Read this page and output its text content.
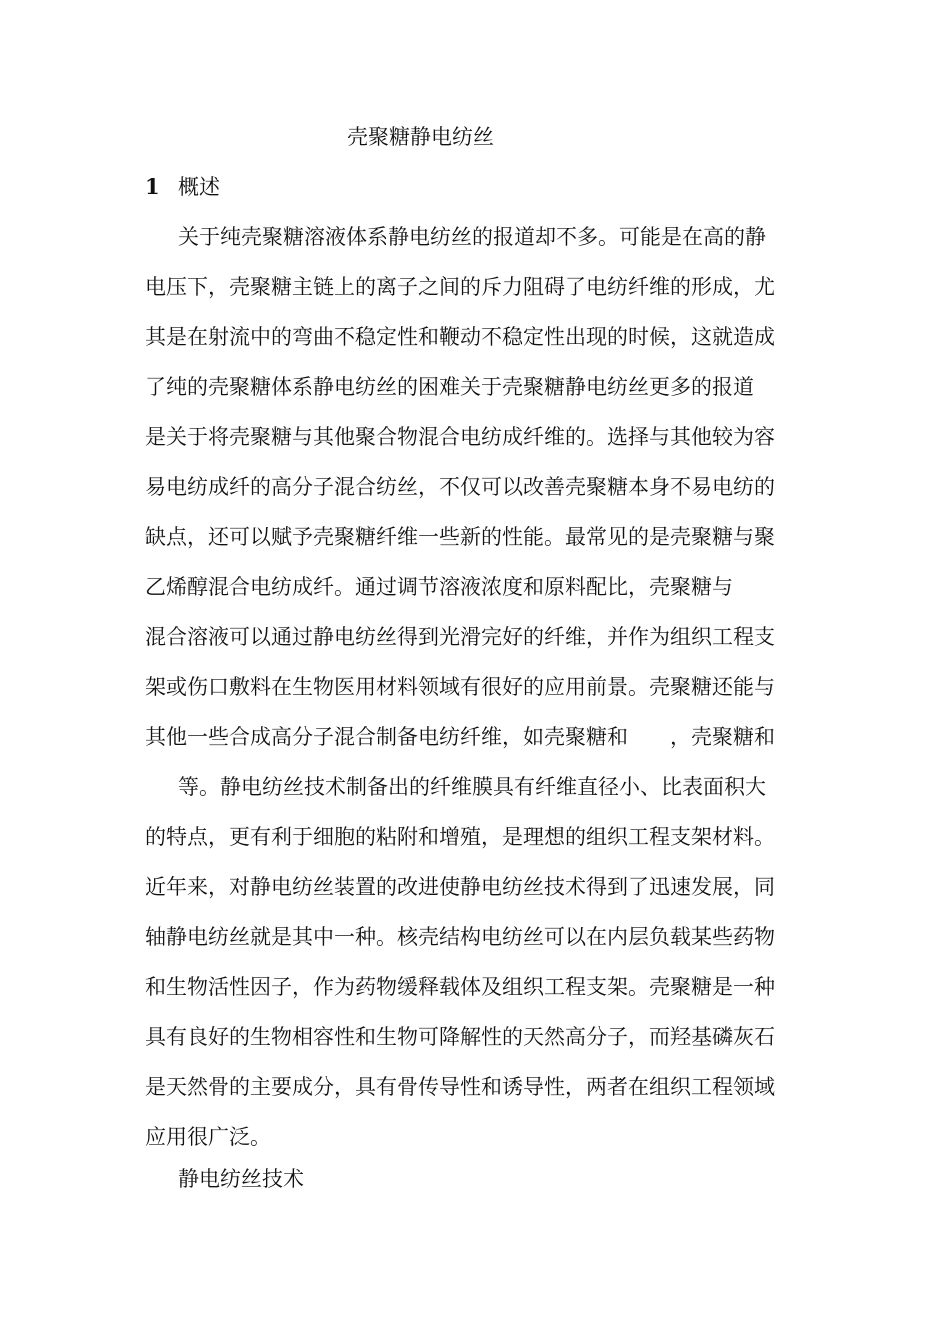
壳聚糖静电纺丝
1 概述

关于纯壳聚糖溶液体系静电纺丝的报道却不多。可能是在高的静

电压下，壳聚糖主链上的离子之间的斥力阻碍了电纺纤维的形成，尤

其是在射流中的弯曲不稳定性和鞭动不稳定性出现的时候，这就造成

了纯的壳聚糖体系静电纺丝的困难关于壳聚糖静电纺丝更多的报道

是关于将壳聚糖与其他聚合物混合电纺成纤维的。选择与其他较为容

易电纺成纤的高分子混合纺丝，不仅可以改善壳聚糖本身不易电纺的

缺点，还可以赋予壳聚糖纤维一些新的性能。最常见的是壳聚糖与聚

乙烯醇混合电纺成纤。通过调节溶液浓度和原料配比，壳聚糖与

混合溶液可以通过静电纺丝得到光滑完好的纤维，并作为组织工程支

架或伤口敷料在生物医用材料领域有很好的应用前景。壳聚糖还能与

其他一些合成高分子混合制备电纺纤维，如壳聚糖和　　，壳聚糖和

　等。静电纺丝技术制备出的纤维膜具有纤维直径小、比表面积大

的特点，更有利于细胞的粘附和增殖，是理想的组织工程支架材料。

近年来，对静电纺丝装置的改进使静电纺丝技术得到了迅速发展，同

轴静电纺丝就是其中一种。核壳结构电纺丝可以在内层负载某些药物

和生物活性因子，作为药物缓释载体及组织工程支架。壳聚糖是一种

具有良好的生物相容性和生物可降解性的天然高分子，而羟基磷灰石

是天然骨的主要成分，具有骨传导性和诱导性，两者在组织工程领域

应用很广泛。

静电纺丝技术
